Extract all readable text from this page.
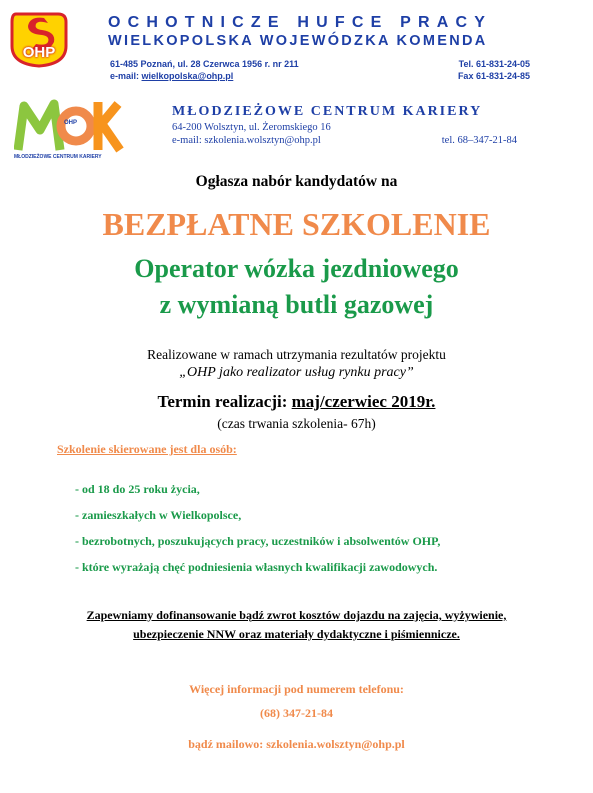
OHP
OCHOTNICZE HUFCE PRACY
WIELKOPOLSKA WOJEWÓDZKA KOMENDA
61-485 Poznań, ul. 28 Czerwca 1956 r. nr 211	Tel. 61-831-24-05
e-mail: wielkopolska@ohp.pl	Fax 61-831-24-85
OHP
MŁODZIEŻOWE CENTRUM KARIERY
MŁODZIEŻOWE CENTRUM KARIERY
64-200 Wolsztyn, ul. Żeromskiego 16
e-mail: szkolenia.wolsztyn@ohp.pl	tel. 68–347-21-84
Ogłasza nabór kandydatów na
BEZPŁATNE SZKOLENIE
Operator wózka jezdniowego
z wymianą butli gazowej
Realizowane w ramach utrzymania rezultatów projektu
„OHP jako realizator usług rynku pracy”
Termin realizacji: maj/czerwiec 2019r.
(czas trwania szkolenia- 67h)
Szkolenie skierowane jest dla osób:
- od 18 do 25 roku życia,
- zamieszkałych w Wielkopolsce,
- bezrobotnych, poszukujących pracy, uczestników i absolwentów OHP,
- które wyrażają chęć podniesienia własnych kwalifikacji zawodowych.
Zapewniamy dofinansowanie bądź zwrot kosztów dojazdu na zajęcia, wyżywienie,
ubezpieczenie NNW oraz materiały dydaktyczne i piśmiennicze.
Więcej informacji pod numerem telefonu:
(68) 347-21-84
bądź mailowo: szkolenia.wolsztyn@ohp.pl
